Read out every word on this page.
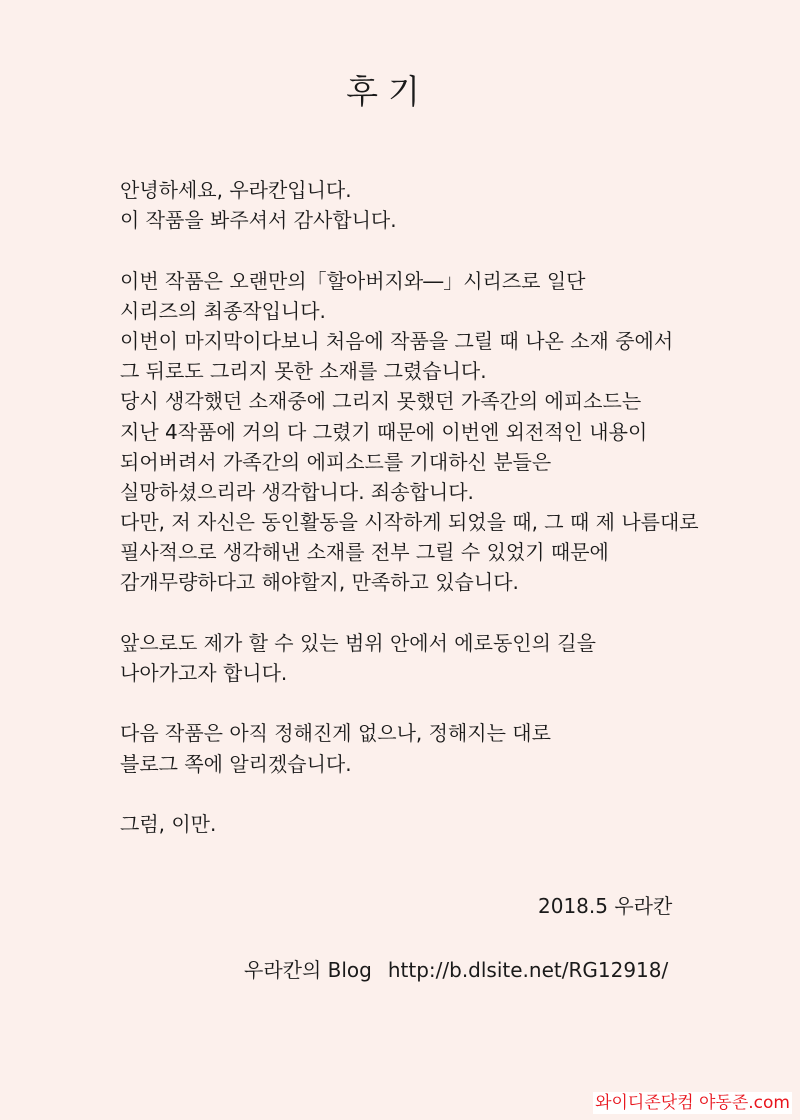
후기
안녕하세요, 우라칸입니다.
이 작품을 봐주셔서 감사합니다.
이번 작품은 오랜만의「할아버지와―」시리즈로 일단
시리즈의 최종작입니다.
이번이 마지막이다보니 처음에 작품을 그릴 때 나온 소재 중에서
그 뒤로도 그리지 못한 소재를 그렸습니다.
당시 생각했던 소재중에 그리지 못했던 가족간의 에피소드는
지난 4작품에 거의 다 그렸기 때문에 이번엔 외전적인 내용이
되어버려서 가족간의 에피소드를 기대하신 분들은
실망하셨으리라 생각합니다. 죄송합니다.
다만, 저 자신은 동인활동을 시작하게 되었을 때, 그 때 제 나름대로
필사적으로 생각해낸 소재를 전부 그릴 수 있었기 때문에
감개무량하다고 해야할지, 만족하고 있습니다.
앞으로도 제가 할 수 있는 범위 안에서 에로동인의 길을
나아가고자 합니다.
다음 작품은 아직 정해진게 없으나, 정해지는 대로
블로그 쪽에 알리겠습니다.
그럼, 이만.
2018.5 우라칸
우라칸의 Blog http://b.dlsite.net/RG12918/
와이디존닷컴 야동존.com
